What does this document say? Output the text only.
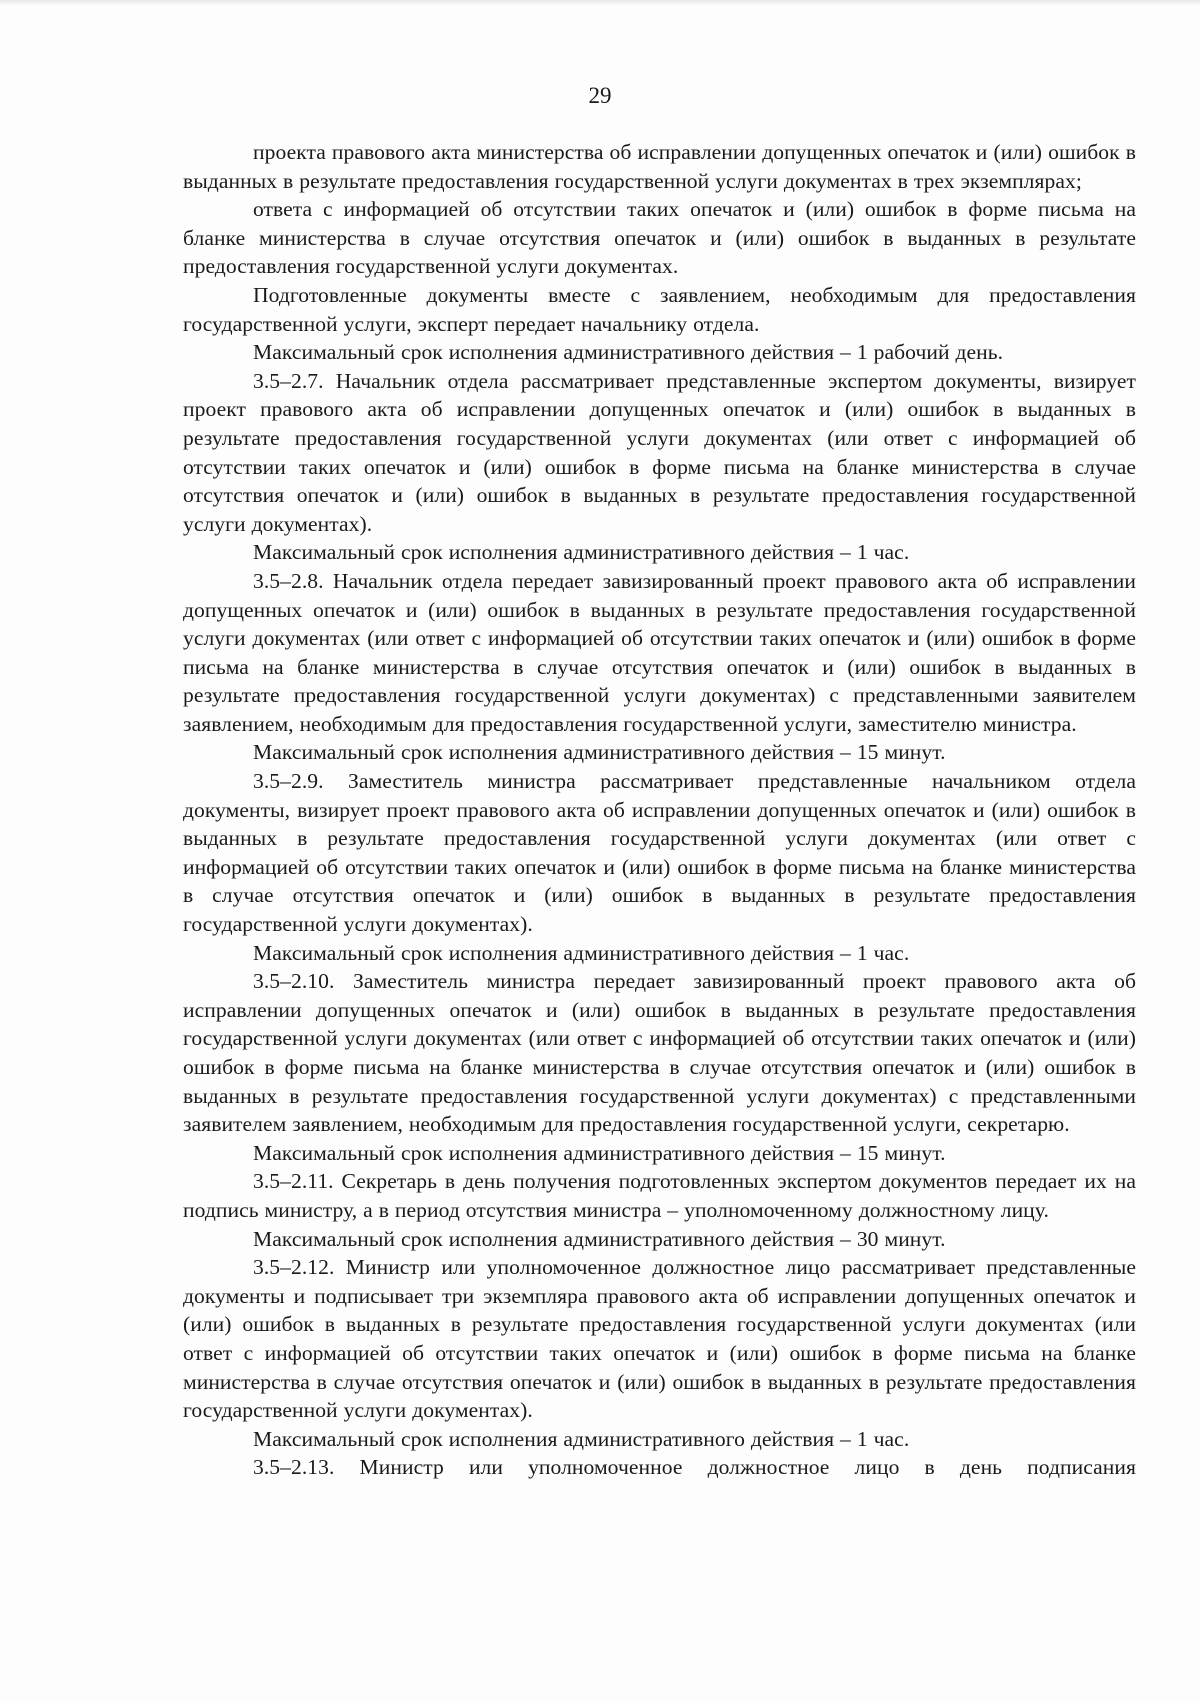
29

проекта правового акта министерства об исправлении допущенных опечаток и (или) ошибок в выданных в результате предоставления государственной услуги документах в трех экземплярах;

ответа с информацией об отсутствии таких опечаток и (или) ошибок в форме письма на бланке министерства в случае отсутствия опечаток и (или) ошибок в выданных в результате предоставления государственной услуги документах.

Подготовленные документы вместе с заявлением, необходимым для предоставления государственной услуги, эксперт передает начальнику отдела.

Максимальный срок исполнения административного действия – 1 рабочий день.

3.5–2.7. Начальник отдела рассматривает представленные экспертом документы, визирует проект правового акта об исправлении допущенных опечаток и (или) ошибок в выданных в результате предоставления государственной услуги документах (или ответ с информацией об отсутствии таких опечаток и (или) ошибок в форме письма на бланке министерства в случае отсутствия опечаток и (или) ошибок в выданных в результате предоставления государственной услуги документах).

Максимальный срок исполнения административного действия – 1 час.

3.5–2.8. Начальник отдела передает завизированный проект правового акта об исправлении допущенных опечаток и (или) ошибок в выданных в результате предоставления государственной услуги документах (или ответ с информацией об отсутствии таких опечаток и (или) ошибок в форме письма на бланке министерства в случае отсутствия опечаток и (или) ошибок в выданных в результате предоставления государственной услуги документах) с представленными заявителем заявлением, необходимым для предоставления государственной услуги, заместителю министра.

Максимальный срок исполнения административного действия – 15 минут.

3.5–2.9. Заместитель министра рассматривает представленные начальником отдела документы, визирует проект правового акта об исправлении допущенных опечаток и (или) ошибок в выданных в результате предоставления государственной услуги документах (или ответ с информацией об отсутствии таких опечаток и (или) ошибок в форме письма на бланке министерства в случае отсутствия опечаток и (или) ошибок в выданных в результате предоставления государственной услуги документах).

Максимальный срок исполнения административного действия – 1 час.

3.5–2.10. Заместитель министра передает завизированный проект правового акта об исправлении допущенных опечаток и (или) ошибок в выданных в результате предоставления государственной услуги документах (или ответ с информацией об отсутствии таких опечаток и (или) ошибок в форме письма на бланке министерства в случае отсутствия опечаток и (или) ошибок в выданных в результате предоставления государственной услуги документах) с представленными заявителем заявлением, необходимым для предоставления государственной услуги, секретарю.

Максимальный срок исполнения административного действия – 15 минут.

3.5–2.11. Секретарь в день получения подготовленных экспертом документов передает их на подпись министру, а в период отсутствия министра – уполномоченному должностному лицу.

Максимальный срок исполнения административного действия – 30 минут.

3.5–2.12. Министр или уполномоченное должностное лицо рассматривает представленные документы и подписывает три экземпляра правового акта об исправлении допущенных опечаток и (или) ошибок в выданных в результате предоставления государственной услуги документах (или ответ с информацией об отсутствии таких опечаток и (или) ошибок в форме письма на бланке министерства в случае отсутствия опечаток и (или) ошибок в выданных в результате предоставления государственной услуги документах).

Максимальный срок исполнения административного действия – 1 час.

3.5–2.13. Министр или уполномоченное должностное лицо в день подписания
